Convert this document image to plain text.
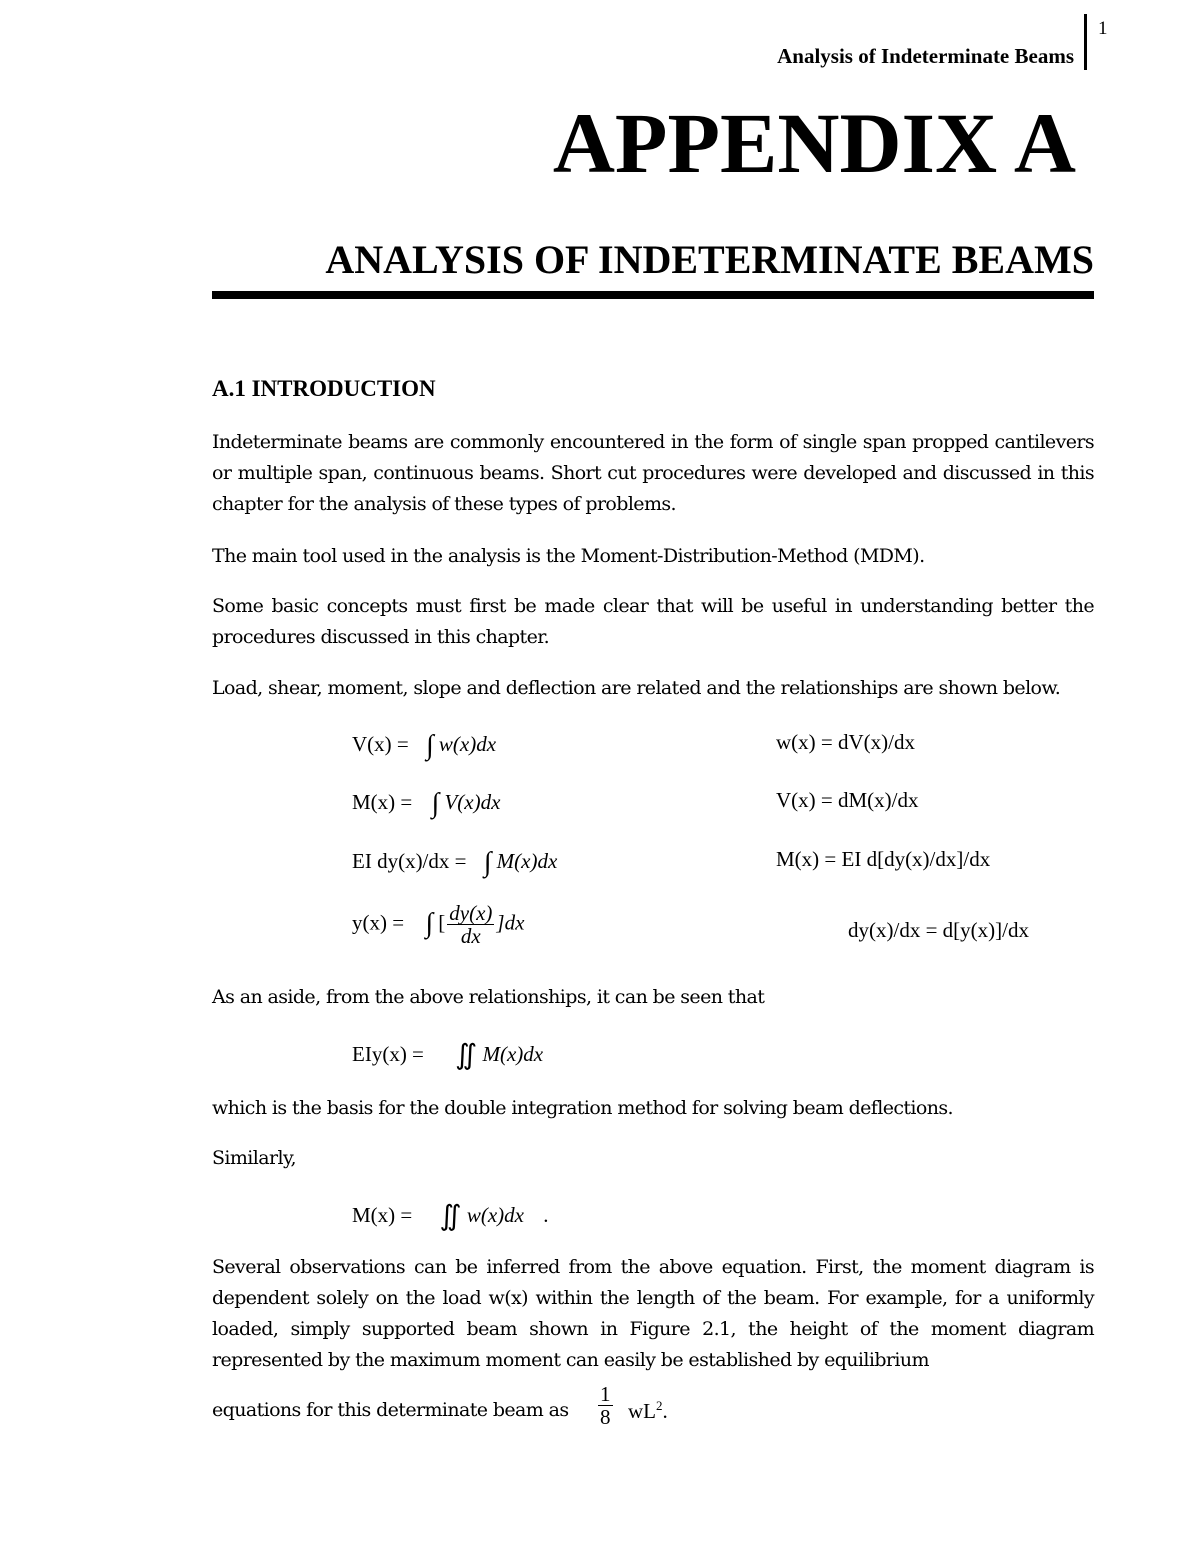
Analysis of Indeterminate Beams
1
APPENDIX A
ANALYSIS OF INDETERMINATE BEAMS
A.1 INTRODUCTION
Indeterminate beams are commonly encountered in the form of single span propped cantilevers or multiple span, continuous beams. Short cut procedures were developed and discussed in this chapter for the analysis of these types of problems.
The main tool used in the analysis is the Moment-Distribution-Method (MDM).
Some basic concepts must first be made clear that will be useful in understanding better the procedures discussed in this chapter.
Load, shear, moment, slope and deflection are related and the relationships are shown below.
V(x) = ∫ w(x)dx	w(x) = dV(x)/dx
M(x) = ∫ V(x)dx	V(x) = dM(x)/dx
EI dy(x)/dx = ∫ M(x)dx	M(x) = EI d[dy(x)/dx]/dx
y(x) = ∫ [ $\frac{dy(x)}{dx} ]dx$	dy(x)/dx = d[y(x)]/dx
As an aside, from the above relationships, it can be seen that
EIy(x) = ∬ M(x)dx
which is the basis for the double integration method for solving beam deflections.
Similarly,
M(x) = ∬ w(x)dx .
Several observations can be inferred from the above equation. First, the moment diagram is dependent solely on the load w(x) within the length of the beam. For example, for a uniformly loaded, simply supported beam shown in Figure 2.1, the height of the moment diagram represented by the maximum moment can easily be established by equilibrium
equations for this determinate beam as $\frac{1}{8} wL^2$.
